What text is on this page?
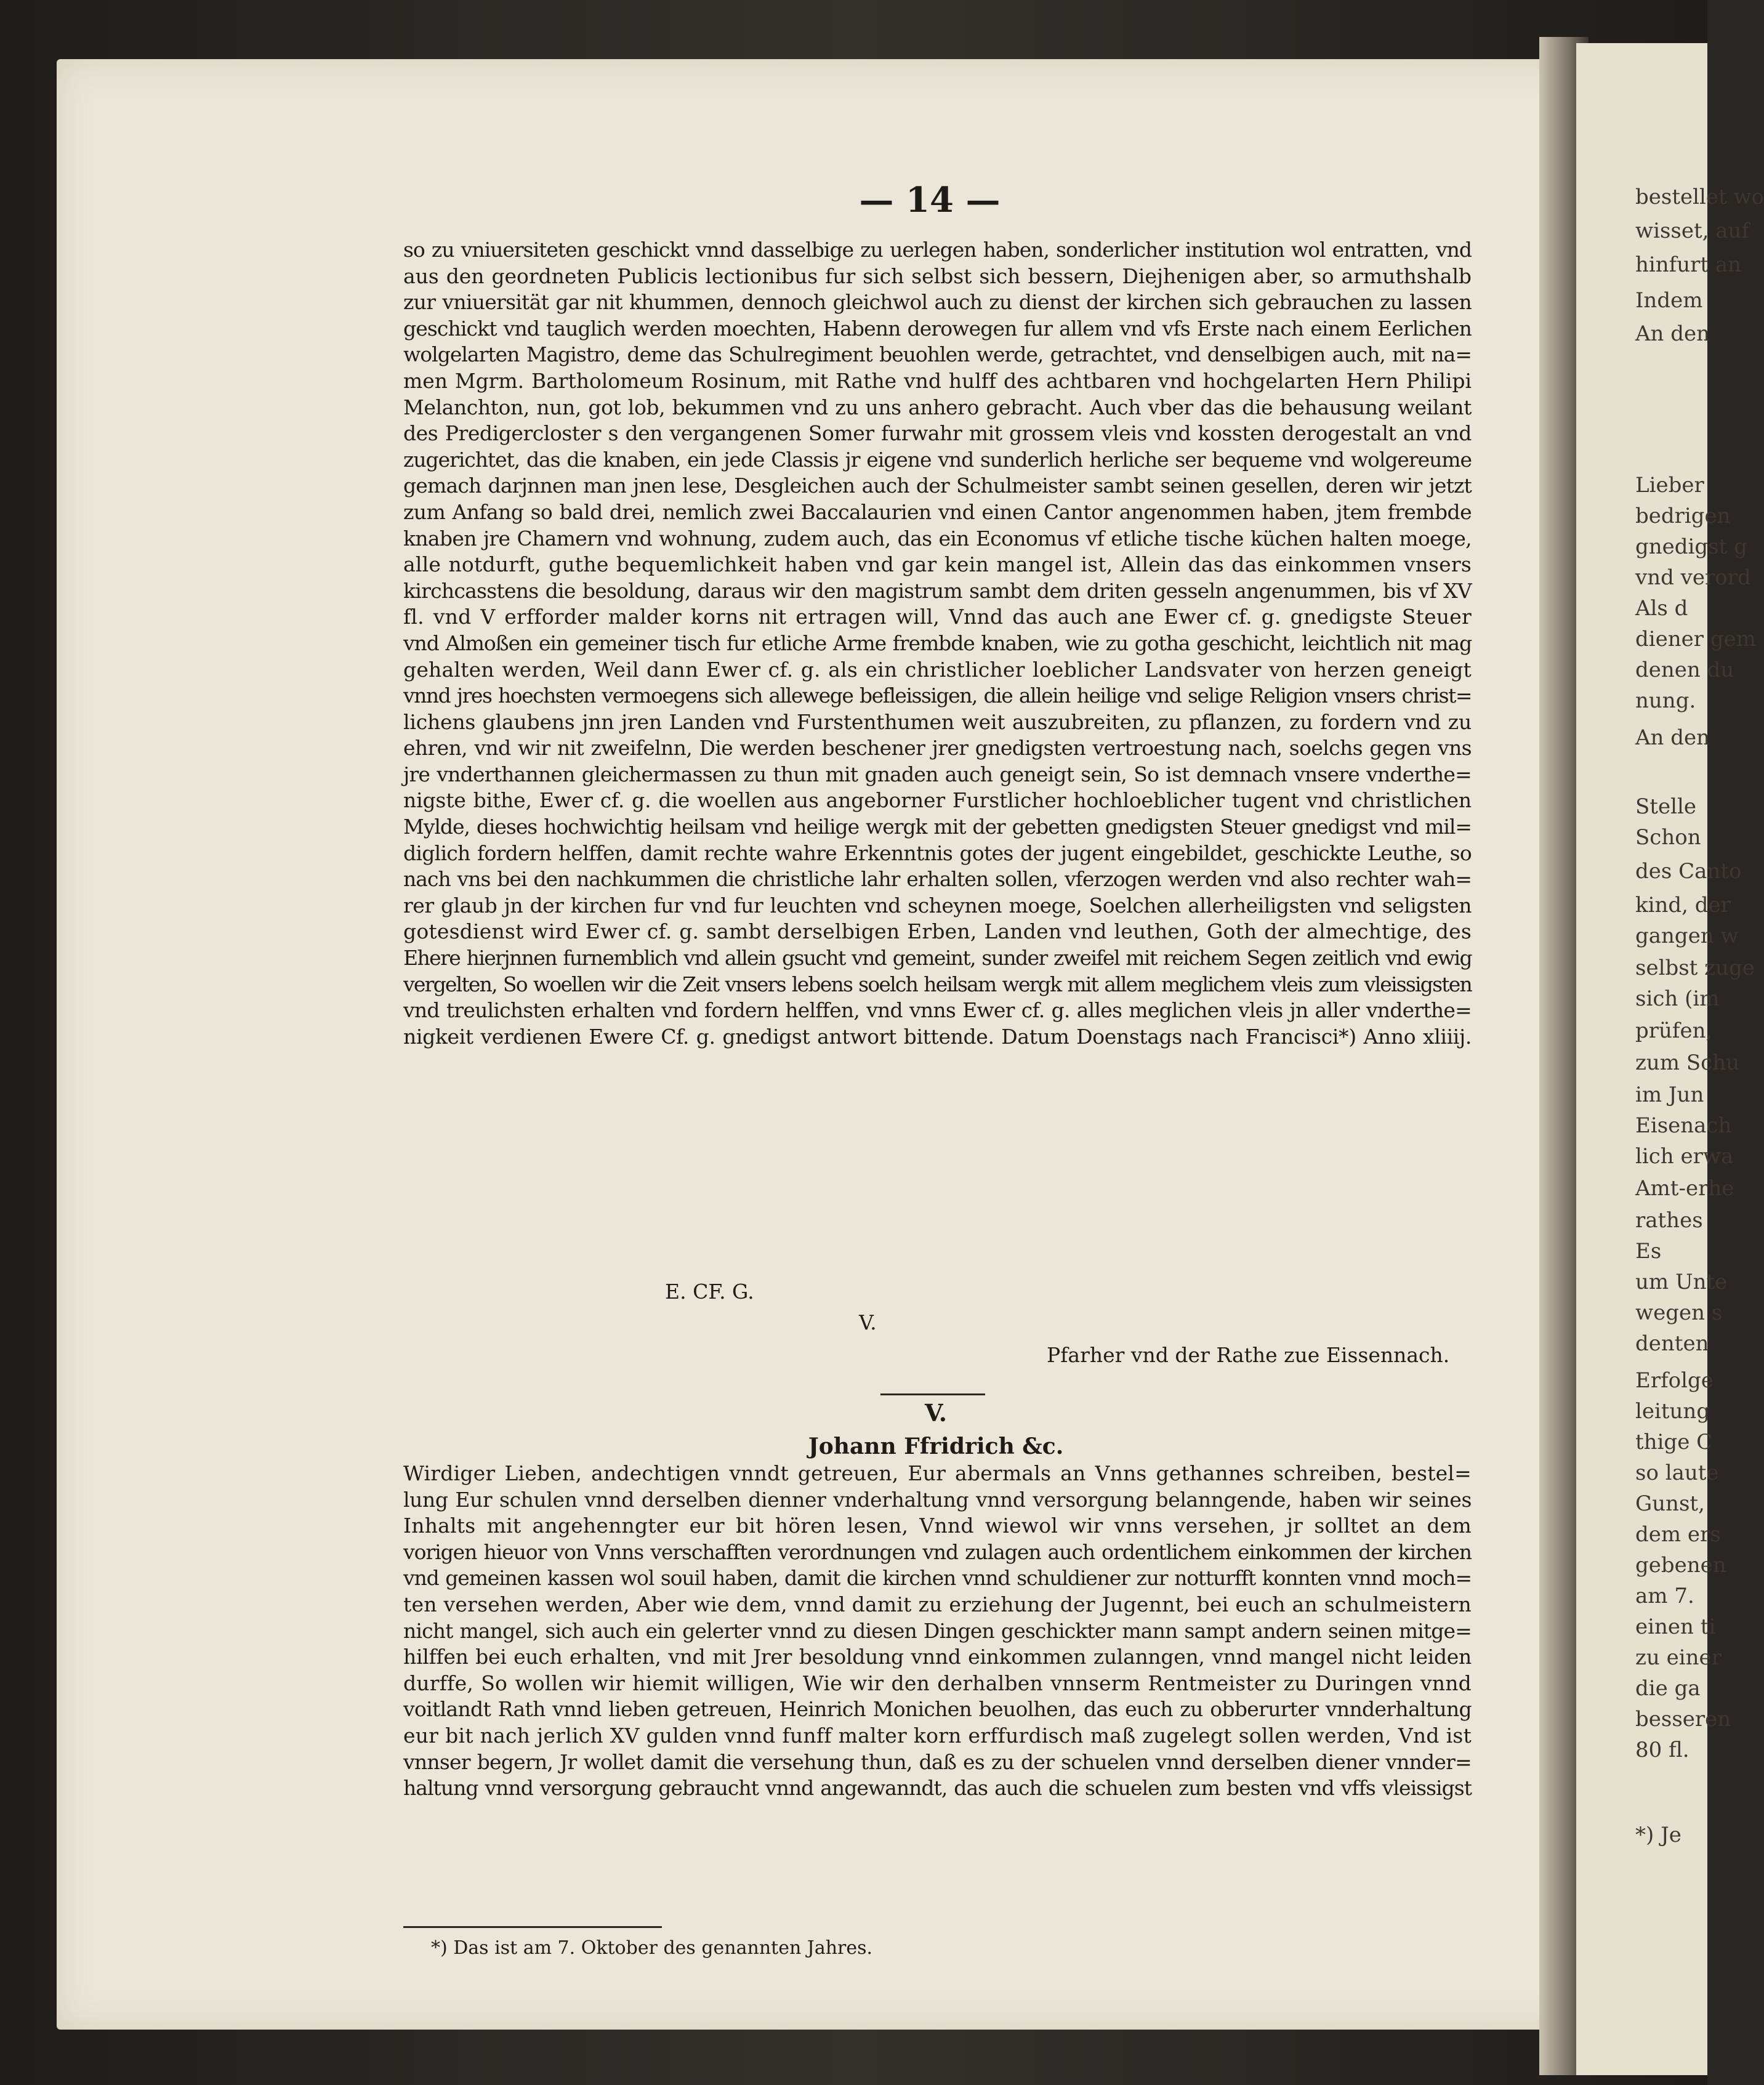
bestellet wo
wisset, auf
hinfurt an
Indem
An den
Lieber
bedrigen
gnedigst g
vnd verord
Als d
diener gem
denen du
nung.
An den
Stelle
Schon
des Canto
kind, der
gangen w
selbst zuge
sich (im
prüfen,
zum Schu
im Jun
Eisenach
lich erwa
Amt-erhe
rathes
Es
um Unte
wegen s
denten
Erfolge
leitung
thige C
so laute
Gunst,
dem ers
gebenen
am 7.
einen ti
zu einer
die ga
besseren
80 fl.
*) Je
— 14 —
so zu vniuersiteten geschickt vnnd dasselbige zu uerlegen haben, sonderlicher institution wol entratten, vnd
aus den geordneten Publicis lectionibus fur sich selbst sich bessern, Diejhenigen aber, so armuthshalb
zur vniuersität gar nit khummen, dennoch gleichwol auch zu dienst der kirchen sich gebrauchen zu lassen
geschickt vnd tauglich werden moechten, Habenn derowegen fur allem vnd vfs Erste nach einem Eerlichen
wolgelarten Magistro, deme das Schulregiment beuohlen werde, getrachtet, vnd denselbigen auch, mit na=
men Mgrm. Bartholomeum Rosinum, mit Rathe vnd hulff des achtbaren vnd hochgelarten Hern Philipi
Melanchton, nun, got lob, bekummen vnd zu uns anhero gebracht. Auch vber das die behausung weilant
des Predigercloster s den vergangenen Somer furwahr mit grossem vleis vnd kossten derogestalt an vnd
zugerichtet, das die knaben, ein jede Classis jr eigene vnd sunderlich herliche ser bequeme vnd wolgereume
gemach darjnnen man jnen lese, Desgleichen auch der Schulmeister sambt seinen gesellen, deren wir jetzt
zum Anfang so bald drei, nemlich zwei Baccalaurien vnd einen Cantor angenommen haben, jtem frembde
knaben jre Chamern vnd wohnung, zudem auch, das ein Economus vf etliche tische küchen halten moege,
alle notdurft, guthe bequemlichkeit haben vnd gar kein mangel ist, Allein das das einkommen vnsers
kirchcasstens die besoldung, daraus wir den magistrum sambt dem driten gesseln angenummen, bis vf XV
fl. vnd V erfforder malder korns nit ertragen will, Vnnd das auch ane Ewer cf. g. gnedigste Steuer
vnd Almoßen ein gemeiner tisch fur etliche Arme frembde knaben, wie zu gotha geschicht, leichtlich nit mag
gehalten werden, Weil dann Ewer cf. g. als ein christlicher loeblicher Landsvater von herzen geneigt
vnnd jres hoechsten vermoegens sich allewege befleissigen, die allein heilige vnd selige Religion vnsers christ=
lichens glaubens jnn jren Landen vnd Furstenthumen weit auszubreiten, zu pflanzen, zu fordern vnd zu
ehren, vnd wir nit zweifelnn, Die werden beschener jrer gnedigsten vertroestung nach, soelchs gegen vns
jre vnderthannen gleichermassen zu thun mit gnaden auch geneigt sein, So ist demnach vnsere vnderthe=
nigste bithe, Ewer cf. g. die woellen aus angeborner Furstlicher hochloeblicher tugent vnd christlichen
Mylde, dieses hochwichtig heilsam vnd heilige wergk mit der gebetten gnedigsten Steuer gnedigst vnd mil=
diglich fordern helffen, damit rechte wahre Erkenntnis gotes der jugent eingebildet, geschickte Leuthe, so
nach vns bei den nachkummen die christliche lahr erhalten sollen, vferzogen werden vnd also rechter wah=
rer glaub jn der kirchen fur vnd fur leuchten vnd scheynen moege, Soelchen allerheiligsten vnd seligsten
gotesdienst wird Ewer cf. g. sambt derselbigen Erben, Landen vnd leuthen, Goth der almechtige, des
Ehere hierjnnen furnemblich vnd allein gsucht vnd gemeint, sunder zweifel mit reichem Segen zeitlich vnd ewig
vergelten, So woellen wir die Zeit vnsers lebens soelch heilsam wergk mit allem meglichem vleis zum vleissigsten
vnd treulichsten erhalten vnd fordern helffen, vnd vnns Ewer cf. g. alles meglichen vleis jn aller vnderthe=
nigkeit verdienen Ewere Cf. g. gnedigst antwort bittende. Datum Doenstags nach Francisci*) Anno xliiij.
E. CF. G.
V.
Pfarher vnd der Rathe zue Eissennach.
V.
Johann Ffridrich &c.
Wirdiger Lieben, andechtigen vnndt getreuen, Eur abermals an Vnns gethannes schreiben, bestel=
lung Eur schulen vnnd derselben dienner vnderhaltung vnnd versorgung belanngende, haben wir seines
Inhalts mit angehenngter eur bit hören lesen, Vnnd wiewol wir vnns versehen, jr solltet an dem
vorigen hieuor von Vnns verschafften verordnungen vnd zulagen auch ordentlichem einkommen der kirchen
vnd gemeinen kassen wol souil haben, damit die kirchen vnnd schuldiener zur notturfft konnten vnnd moch=
ten versehen werden, Aber wie dem, vnnd damit zu erziehung der Jugennt, bei euch an schulmeistern
nicht mangel, sich auch ein gelerter vnnd zu diesen Dingen geschickter mann sampt andern seinen mitge=
hilffen bei euch erhalten, vnd mit Jrer besoldung vnnd einkommen zulanngen, vnnd mangel nicht leiden
durffe, So wollen wir hiemit willigen, Wie wir den derhalben vnnserm Rentmeister zu Duringen vnnd
voitlandt Rath vnnd lieben getreuen, Heinrich Monichen beuolhen, das euch zu obberurter vnnderhaltung
eur bit nach jerlich XV gulden vnnd funff malter korn erffurdisch maß zugelegt sollen werden, Vnd ist
vnnser begern, Jr wollet damit die versehung thun, daß es zu der schuelen vnnd derselben diener vnnder=
haltung vnnd versorgung gebraucht vnnd angewanndt, das auch die schuelen zum besten vnd vffs vleissigst
*) Das ist am 7. Oktober des genannten Jahres.
